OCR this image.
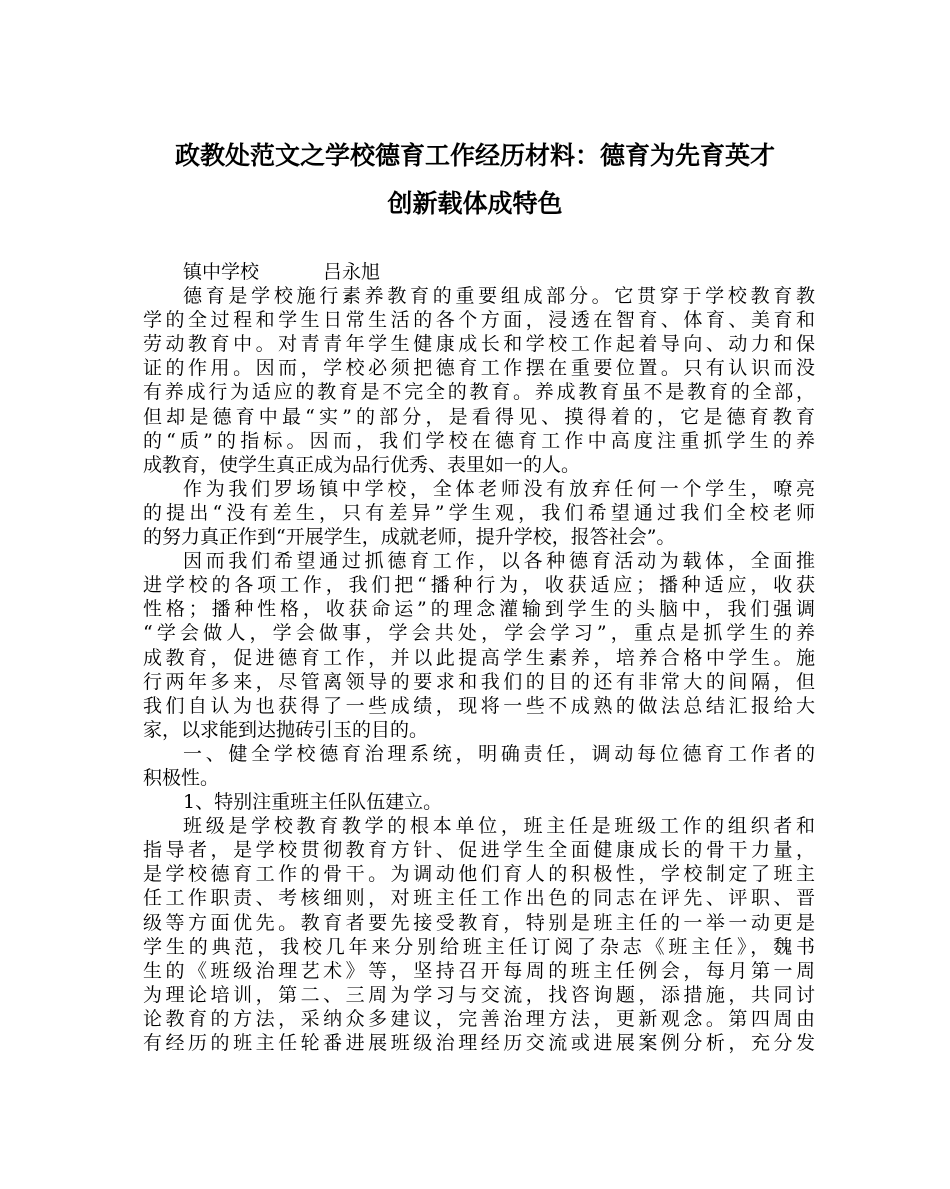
政教处范文之学校德育工作经历材料：德育为先育英才
创新载体成特色
镇中学校	吕永旭
德育是学校施行素养教育的重要组成部分。它贯穿于学校教育教
学的全过程和学生日常生活的各个方面，浸透在智育、体育、美育和
劳动教育中。对青青年学生健康成长和学校工作起着导向、动力和保
证的作用。因而，学校必须把德育工作摆在重要位置。只有认识而没
有养成行为适应的教育是不完全的教育。养成教育虽不是教育的全部，
但却是德育中最“实”的部分，是看得见、摸得着的，它是德育教育
的“质”的指标。因而，我们学校在德育工作中高度注重抓学生的养
成教育，使学生真正成为品行优秀、表里如一的人。
作为我们罗场镇中学校，全体老师没有放弃任何一个学生，嘹亮
的提出“没有差生，只有差异”学生观，我们希望通过我们全校老师
的努力真正作到“开展学生，成就老师，提升学校，报答社会”。
因而我们希望通过抓德育工作，以各种德育活动为载体，全面推
进学校的各项工作，我们把“播种行为，收获适应；播种适应，收获
性格；播种性格，收获命运”的理念灌输到学生的头脑中，我们强调
“学会做人，学会做事，学会共处，学会学习”，重点是抓学生的养
成教育，促进德育工作，并以此提高学生素养，培养合格中学生。施
行两年多来，尽管离领导的要求和我们的目的还有非常大的间隔，但
我们自认为也获得了一些成绩，现将一些不成熟的做法总结汇报给大
家，以求能到达抛砖引玉的目的。
一、健全学校德育治理系统，明确责任，调动每位德育工作者的
积极性。
1、特别注重班主任队伍建立。
班级是学校教育教学的根本单位，班主任是班级工作的组织者和
指导者，是学校贯彻教育方针、促进学生全面健康成长的骨干力量，
是学校德育工作的骨干。为调动他们育人的积极性，学校制定了班主
任工作职责、考核细则，对班主任工作出色的同志在评先、评职、晋
级等方面优先。教育者要先接受教育，特别是班主任的一举一动更是
学生的典范，我校几年来分别给班主任订阅了杂志《班主任》，魏书
生的《班级治理艺术》等，坚持召开每周的班主任例会，每月第一周
为理论培训，第二、三周为学习与交流，找咨询题，添措施，共同讨
论教育的方法，采纳众多建议，完善治理方法，更新观念。第四周由
有经历的班主任轮番进展班级治理经历交流或进展案例分析，充分发
